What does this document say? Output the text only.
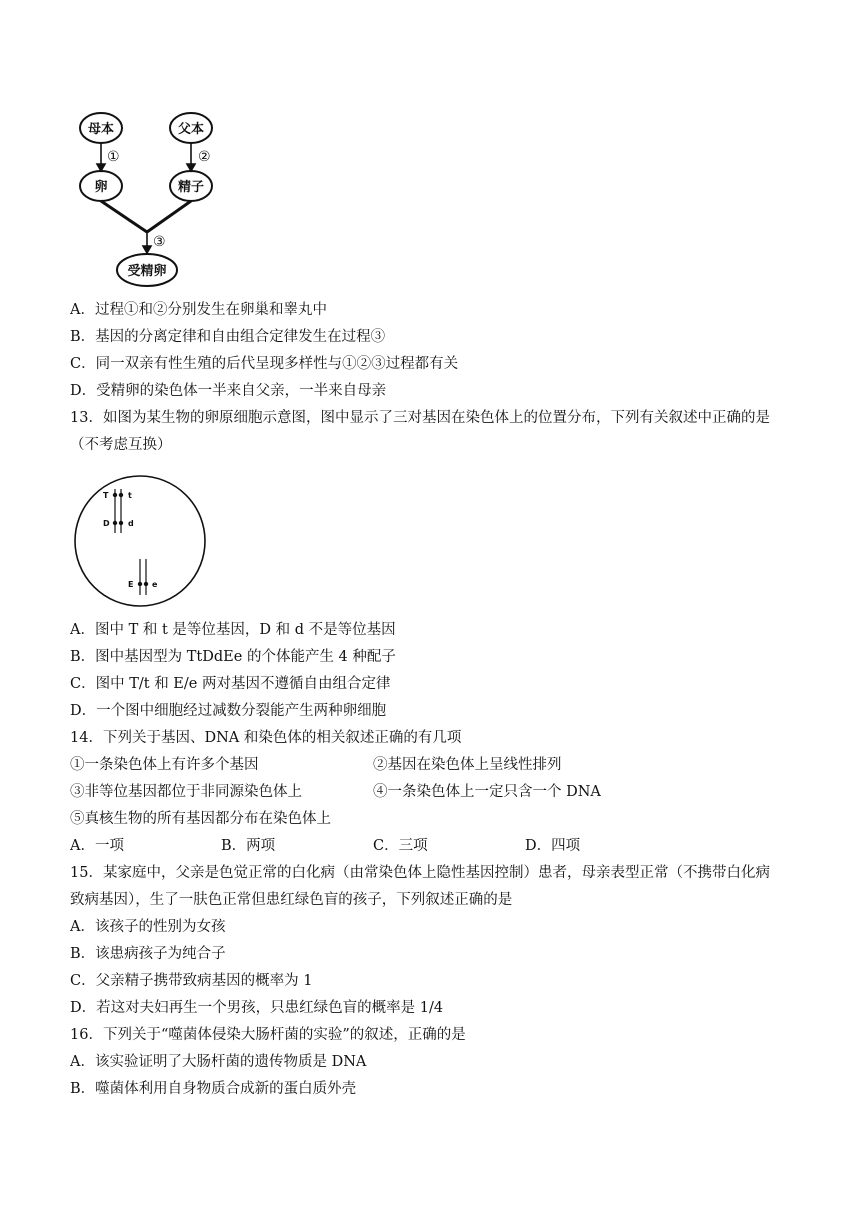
母本	父本
卵	精子
受精卵
①	②
③
A．过程①和②分别发生在卵巢和睾丸中
B．基因的分离定律和自由组合定律发生在过程③
C．同一双亲有性生殖的后代呈现多样性与①②③过程都有关
D．受精卵的染色体一半来自父亲，一半来自母亲
13．如图为某生物的卵原细胞示意图，图中显示了三对基因在染色体上的位置分布，下列有关叙述中正确的是
（不考虑互换）
T t
D d
E e
A．图中 T 和 t 是等位基因，D 和 d 不是等位基因
B．图中基因型为 TtDdEe 的个体能产生 4 种配子
C．图中 T/t 和 E/e 两对基因不遵循自由组合定律
D．一个图中细胞经过减数分裂能产生两种卵细胞
14．下列关于基因、DNA 和染色体的相关叙述正确的有几项
①一条染色体上有许多个基因	②基因在染色体上呈线性排列
③非等位基因都位于非同源染色体上	④一条染色体上一定只含一个 DNA
⑤真核生物的所有基因都分布在染色体上
A．一项	B．两项	C．三项	D．四项
15．某家庭中，父亲是色觉正常的白化病（由常染色体上隐性基因控制）患者，母亲表型正常（不携带白化病
致病基因），生了一肤色正常但患红绿色盲的孩子，下列叙述正确的是
A．该孩子的性别为女孩
B．该患病孩子为纯合子
C．父亲精子携带致病基因的概率为 1
D．若这对夫妇再生一个男孩，只患红绿色盲的概率是 1/4
16．下列关于“噬菌体侵染大肠杆菌的实验”的叙述，正确的是
A．该实验证明了大肠杆菌的遗传物质是 DNA
B．噬菌体利用自身物质合成新的蛋白质外壳
